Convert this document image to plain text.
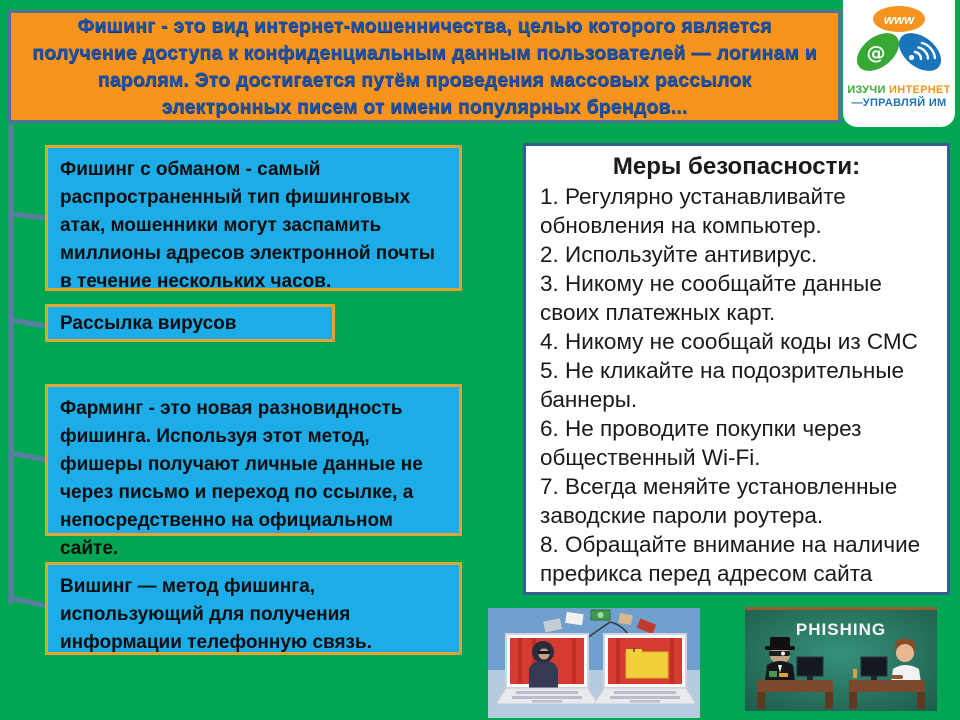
Фишинг - это вид интернет-мошенничества, целью которого является получение доступа к конфиденциальным данным пользователей — логинам и паролям. Это достигается путём проведения массовых рассылок электронных писем от имени популярных брендов...

www
@
ИЗУЧИ ИНТЕРНЕТ
—УПРАВЛЯЙ ИМ
Фишинг с обманом - самый распространенный тип фишинговых атак, мошенники могут заспамить миллионы адресов электронной почты в течение нескольких часов.
Рассылка вирусов
Фарминг - это новая разновидность фишинга. Используя этот метод, фишеры получают личные данные не через письмо и переход по ссылке, а непосредственно на официальном сайте.
Вишинг — метод фишинга, использующий для получения информации телефонную связь.
Меры безопасности:
1. Регулярно устанавливайте обновления на компьютер.
2. Используйте антивирус.
3. Никому не сообщайте данные своих платежных карт.
4. Никому не сообщай коды из СМС
5. Не кликайте на подозрительные баннеры.
6. Не проводите покупки через общественный Wi-Fi.
7. Всегда меняйте установленные заводские пароли роутера.
8. Обращайте внимание на наличие префикса перед адресом сайта
PHISHING
